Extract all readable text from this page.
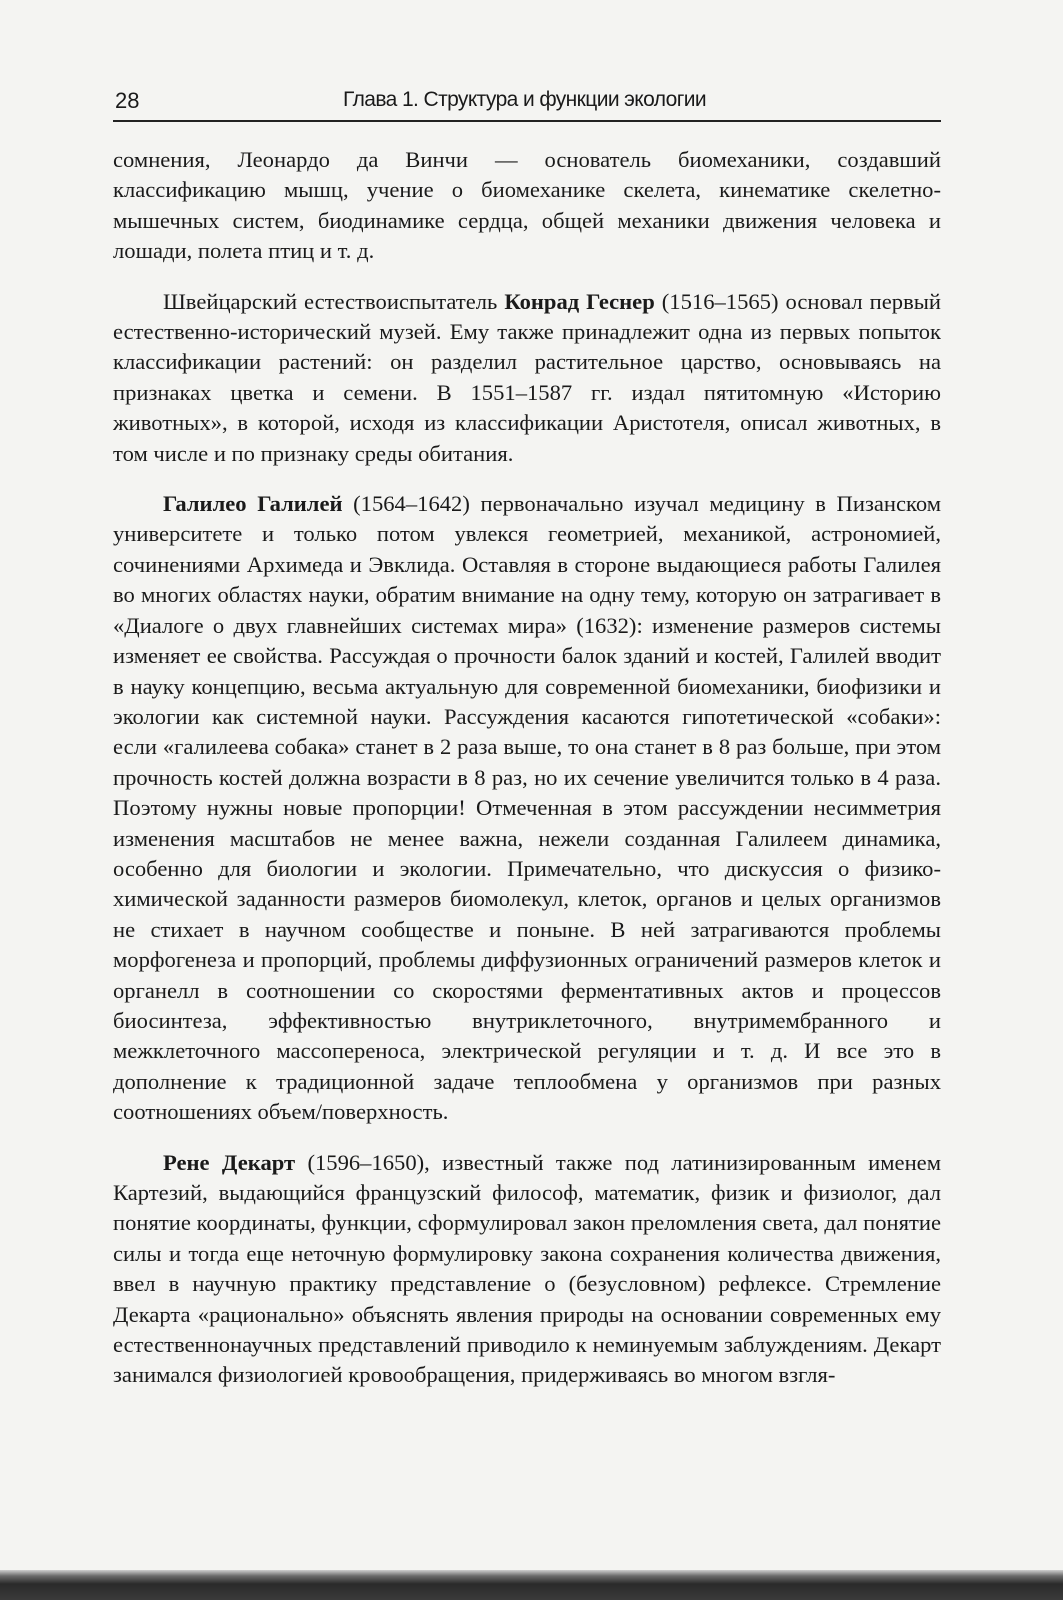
28	Глава 1. Структура и функции экологии

сомнения, Леонардо да Винчи — основатель биомеханики, создавший классификацию мышц, учение о биомеханике скелета, кинематике скелетно-мышечных систем, биодинамике сердца, общей механики движения человека и лошади, полета птиц и т. д.

Швейцарский естествоиспытатель Конрад Геснер (1516–1565) основал первый естественно-исторический музей. Ему также принадлежит одна из первых попыток классификации растений: он разделил растительное царство, основываясь на признаках цветка и семени. В 1551–1587 гг. издал пятитомную «Историю животных», в которой, исходя из классификации Аристотеля, описал животных, в том числе и по признаку среды обитания.

Галилео Галилей (1564–1642) первоначально изучал медицину в Пизанском университете и только потом увлекся геометрией, механикой, астрономией, сочинениями Архимеда и Эвклида. Оставляя в стороне выдающиеся работы Галилея во многих областях науки, обратим внимание на одну тему, которую он затрагивает в «Диалоге о двух главнейших системах мира» (1632): изменение размеров системы изменяет ее свойства. Рассуждая о прочности балок зданий и костей, Галилей вводит в науку концепцию, весьма актуальную для современной биомеханики, биофизики и экологии как системной науки. Рассуждения касаются гипотетической «собаки»: если «галилеева собака» станет в 2 раза выше, то она станет в 8 раз больше, при этом прочность костей должна возрасти в 8 раз, но их сечение увеличится только в 4 раза. Поэтому нужны новые пропорции! Отмеченная в этом рассуждении несимметрия изменения масштабов не менее важна, нежели созданная Галилеем динамика, особенно для биологии и экологии. Примечательно, что дискуссия о физико-химической заданности размеров биомолекул, клеток, органов и целых организмов не стихает в научном сообществе и поныне. В ней затрагиваются проблемы морфогенеза и пропорций, проблемы диффузионных ограничений размеров клеток и органелл в соотношении со скоростями ферментативных актов и процессов биосинтеза, эффективностью внутриклеточного, внутримембранного и межклеточного массопереноса, электрической регуляции и т. д. И все это в дополнение к традиционной задаче теплообмена у организмов при разных соотношениях объем/поверхность.

Рене Декарт (1596–1650), известный также под латинизированным именем Картезий, выдающийся французский философ, математик, физик и физиолог, дал понятие координаты, функции, сформулировал закон преломления света, дал понятие силы и тогда еще неточную формулировку закона сохранения количества движения, ввел в научную практику представление о (безусловном) рефлексе. Стремление Декарта «рационально» объяснять явления природы на основании современных ему естественнонаучных представлений приводило к неминуемым заблуждениям. Декарт занимался физиологией кровообращения, придерживаясь во многом взгля-
